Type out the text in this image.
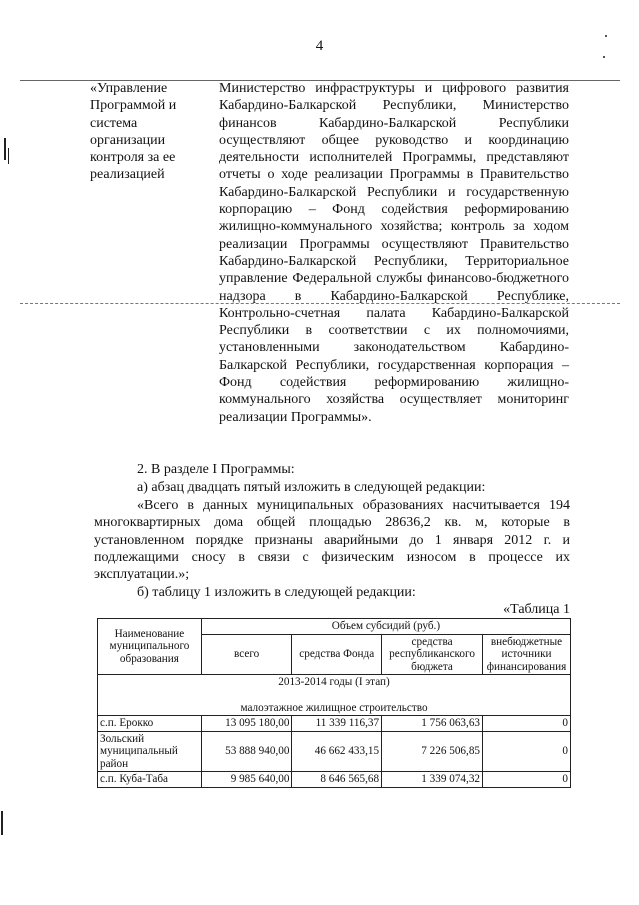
4
«Управление Программой и система организации контроля за ее реализацией
Министерство инфраструктуры и цифрового развития Кабардино-Балкарской Республики, Министерство финансов Кабардино-Балкарской Республики осуществляют общее руководство и координацию деятельности исполнителей Программы, представляют отчеты о ходе реализации Программы в Правительство Кабардино-Балкарской Республики и государственную корпорацию – Фонд содействия реформированию жилищно-коммунального хозяйства; контроль за ходом реализации Программы осуществляют Правительство Кабардино-Балкарской Республики, Территориальное управление Федеральной службы финансово-бюджетного надзора в Кабардино-Балкарской Республике, Контрольно-счетная палата Кабардино-Балкарской Республики в соответствии с их полномочиями, установленными законодательством Кабардино-Балкарской Республики, государственная корпорация – Фонд содействия реформированию жилищно-коммунального хозяйства осуществляет мониторинг реализации Программы».
2. В разделе I Программы:
а) абзац двадцать пятый изложить в следующей редакции:
«Всего в данных муниципальных образованиях насчитывается 194 многоквартирных дома общей площадью 28636,2 кв. м, которые в установленном порядке признаны аварийными до 1 января 2012 г. и подлежащими сносу в связи с физическим износом в процессе их эксплуатации.»;
б) таблицу 1 изложить в следующей редакции:
«Таблица 1
Наименование муниципального образования	Объем субсидий (руб.)			
	всего	средства Фонда	средства республиканского бюджета	внебюджетные источники финансирования
2013-2014 годы (I этап)
малоэтажное жилищное строительство				

с.п. Ерокко	13 095 180,00	11 339 116,37	1 756 063,63	0
Зольский муниципальный район	53 888 940,00	46 662 433,15	7 226 506,85	0
с.п. Куба-Таба	9 985 640,00	8 646 565,68	1 339 074,32	0
